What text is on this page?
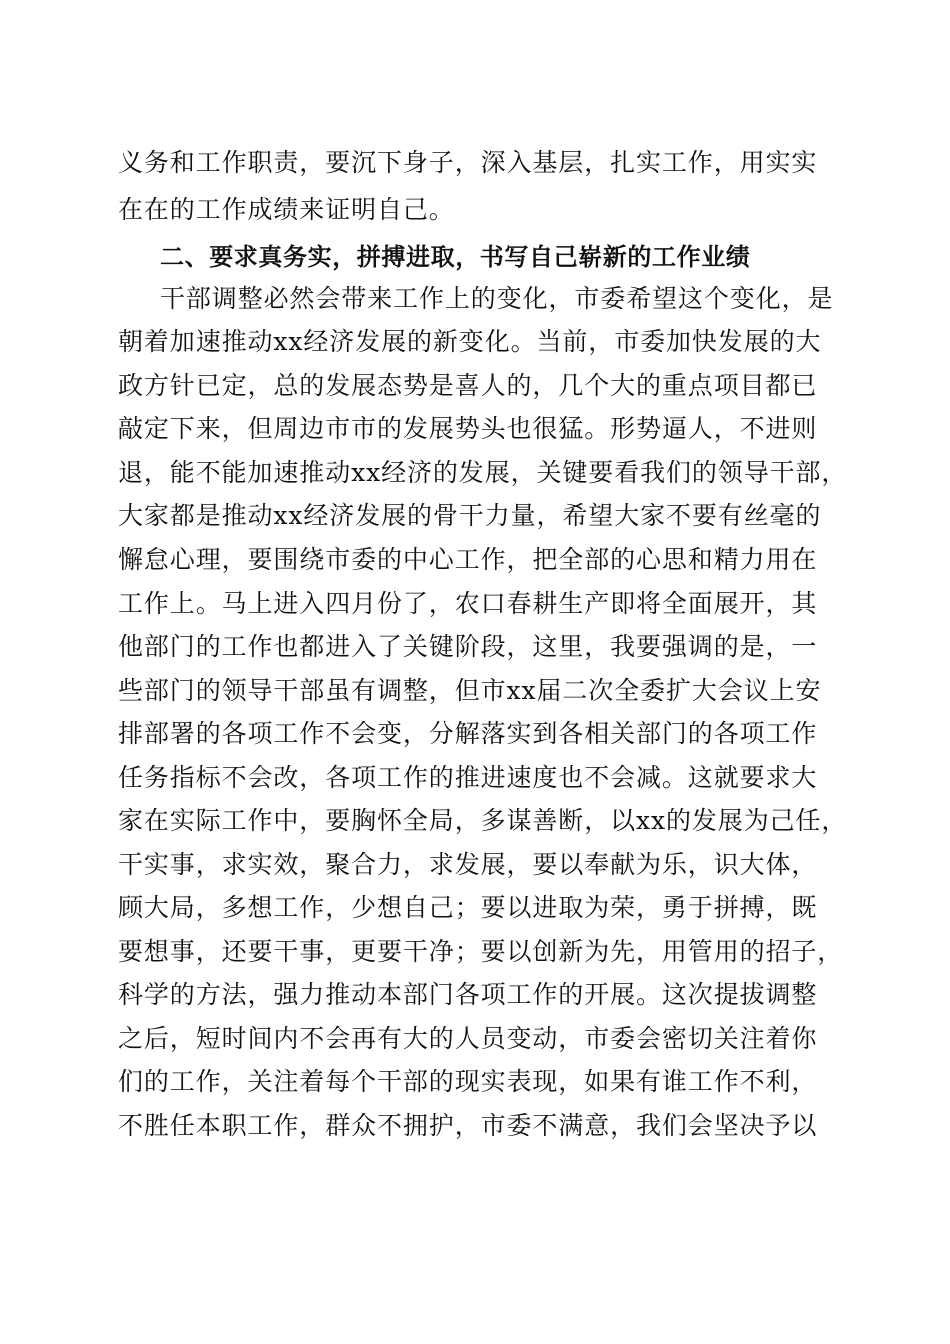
义务和工作职责，要沉下身子，深入基层，扎实工作，用实实
在在的工作成绩来证明自己。
二、要求真务实，拼搏进取，书写自己崭新的工作业绩
干部调整必然会带来工作上的变化，市委希望这个变化，是
朝着加速推动xx经济发展的新变化。当前，市委加快发展的大
政方针已定，总的发展态势是喜人的，几个大的重点项目都已
敲定下来，但周边市市的发展势头也很猛。形势逼人，不进则
退，能不能加速推动xx经济的发展，关键要看我们的领导干部，
大家都是推动xx经济发展的骨干力量，希望大家不要有丝毫的
懈怠心理，要围绕市委的中心工作，把全部的心思和精力用在
工作上。马上进入四月份了，农口春耕生产即将全面展开，其
他部门的工作也都进入了关键阶段，这里，我要强调的是，一
些部门的领导干部虽有调整，但市xx届二次全委扩大会议上安
排部署的各项工作不会变，分解落实到各相关部门的各项工作
任务指标不会改，各项工作的推进速度也不会减。这就要求大
家在实际工作中，要胸怀全局，多谋善断，以xx的发展为己任，
干实事，求实效，聚合力，求发展，要以奉献为乐，识大体，
顾大局，多想工作，少想自己；要以进取为荣，勇于拼搏，既
要想事，还要干事，更要干净；要以创新为先，用管用的招子，
科学的方法，强力推动本部门各项工作的开展。这次提拔调整
之后，短时间内不会再有大的人员变动，市委会密切关注着你
们的工作，关注着每个干部的现实表现，如果有谁工作不利，
不胜任本职工作，群众不拥护，市委不满意，我们会坚决予以
